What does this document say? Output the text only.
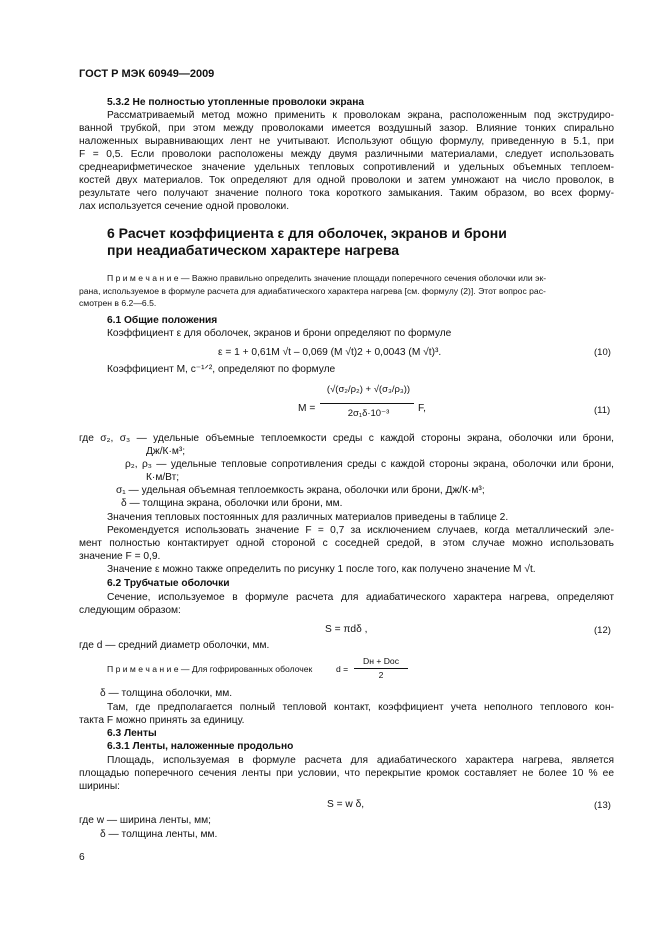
ГОСТ Р МЭК 60949—2009
5.3.2 Не полностью утопленные проволоки экрана
Рассматриваемый метод можно применить к проволокам экрана, расположенным под экструдиро-
ванной трубкой, при этом между проволоками имеется воздушный зазор. Влияние тонких спирально
наложенных выравнивающих лент не учитывают. Используют общую формулу, приведенную в 5.1, при
F = 0,5. Если проволоки расположены между двумя различными материалами, следует использовать
среднеарифметическое значение удельных тепловых сопротивлений и удельных объемных теплоем-
костей двух материалов. Ток определяют для одной проволоки и затем умножают на число проволок, в
результате чего получают значение полного тока короткого замыкания. Таким образом, во всех форму-
лах используется сечение одной проволоки.
6 Расчет коэффициента ε для оболочек, экранов и брони
при неадиабатическом характере нагрева
П р и м е ч а н и е — Важно правильно определить значение площади поперечного сечения оболочки или эк-
рана, используемое в формуле расчета для адиабатического характера нагрева [см. формулу (2)]. Этот вопрос рас-
смотрен в 6.2—6.5.
6.1 Общие положения
Коэффициент ε для оболочек, экранов и брони определяют по формуле
ε = 1 + 0,61M √t – 0,069 (M √t)2 + 0,0043 (M √t)³.	(10)
Коэффициент M, с⁻¹ᐟ², определяют по формуле
M =
(√(σ₂/ρ₂) + √(σ₃/ρ₃))
2σ₁δ·10⁻³	F,	(11)
где σ₂, σ₃ — удельные объемные теплоемкости среды с каждой стороны экрана, оболочки или брони,
Дж/К·м³;
ρ₂, ρ₃ — удельные тепловые сопротивления среды с каждой стороны экрана, оболочки или брони,
К·м/Вт;
σ₁ — удельная объемная теплоемкость экрана, оболочки или брони, Дж/К·м³;
δ — толщина экрана, оболочки или брони, мм.
Значения тепловых постоянных для различных материалов приведены в таблице 2.
Рекомендуется использовать значение F = 0,7 за исключением случаев, когда металлический эле-
мент полностью контактирует одной стороной с соседней средой, в этом случае можно использовать
значение F = 0,9.
Значение ε можно также определить по рисунку 1 после того, как получено значение M √t.
6.2 Трубчатые оболочки
Сечение, используемое в формуле расчета для адиабатического характера нагрева, определяют
следующим образом:
S = πdδ ,	(12)
где d — средний диаметр оболочки, мм.
П р и м е ч а н и е — Для гофрированных оболочек	d =
Dн + Dос
2
δ — толщина оболочки, мм.
Там, где предполагается полный тепловой контакт, коэффициент учета неполного теплового кон-
такта F можно принять за единицу.
6.3 Ленты
6.3.1 Ленты, наложенные продольно
Площадь, используемая в формуле расчета для адиабатического характера нагрева, является
площадью поперечного сечения ленты при условии, что перекрытие кромок составляет не более 10 % ее
ширины:
S = w δ,	(13)
где w — ширина ленты, мм;
δ — толщина ленты, мм.
6
